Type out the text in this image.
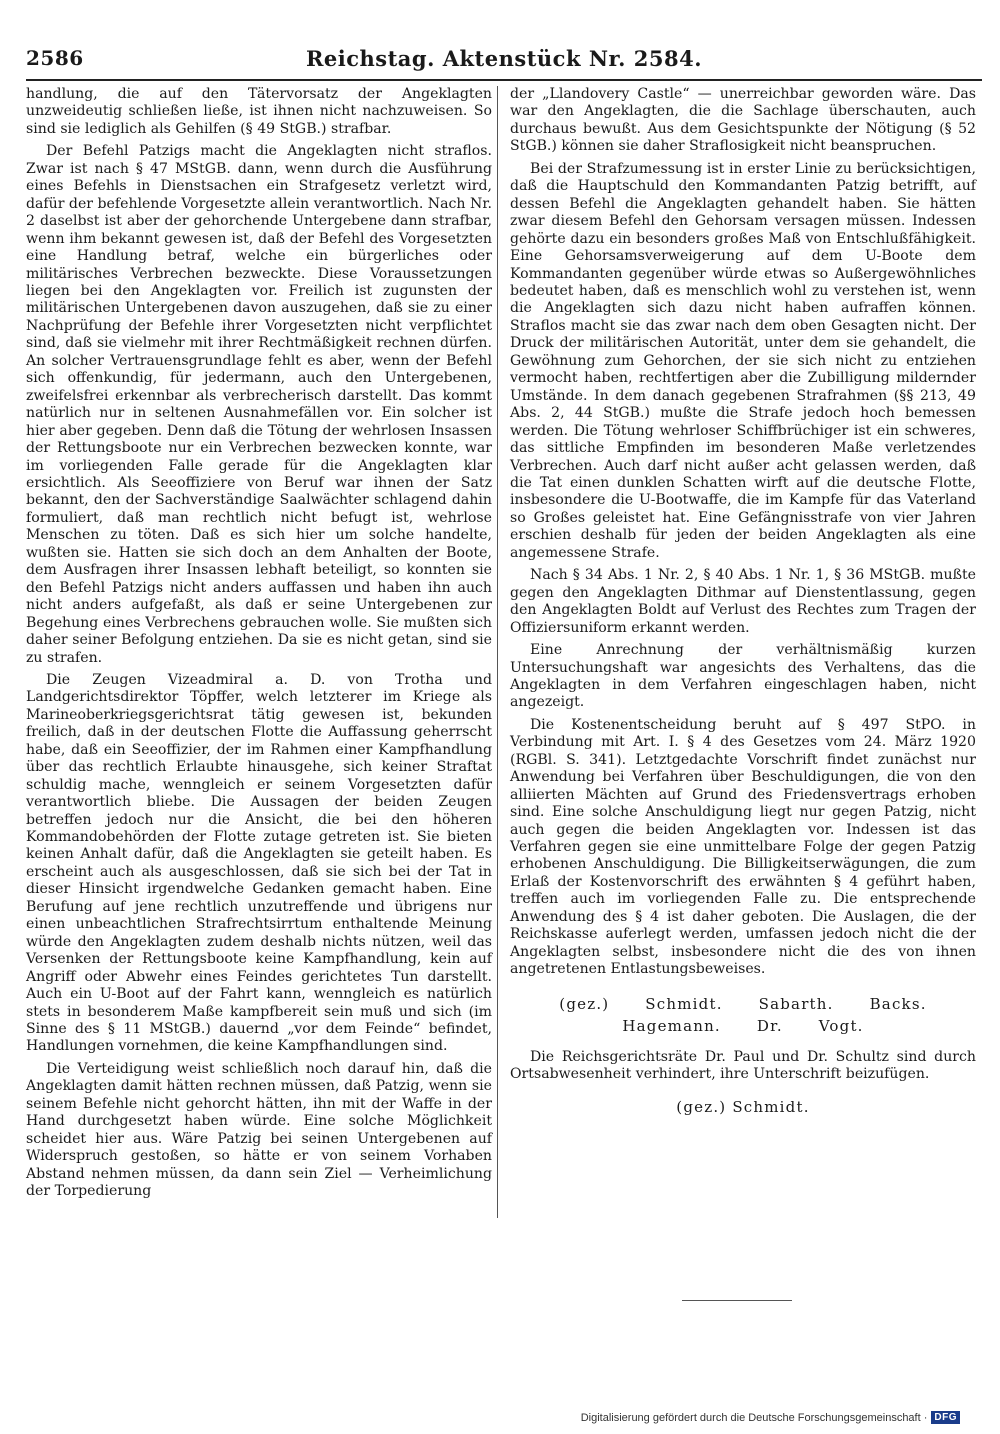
2586	Reichstag. Aktenstück Nr. 2584.

handlung, die auf den Tätervorsatz der Angeklagten unzweideutig schließen ließe, ist ihnen nicht nachzuweisen. So sind sie lediglich als Gehilfen (§ 49 StGB.) strafbar.

Der Befehl Patzigs macht die Angeklagten nicht straflos. Zwar ist nach § 47 MStGB. dann, wenn durch die Ausführung eines Befehls in Dienstsachen ein Strafgesetz verletzt wird, dafür der befehlende Vorgesetzte allein verantwortlich. Nach Nr. 2 daselbst ist aber der gehorchende Untergebene dann strafbar, wenn ihm bekannt gewesen ist, daß der Befehl des Vorgesetzten eine Handlung betraf, welche ein bürgerliches oder militärisches Verbrechen bezweckte. Diese Voraussetzungen liegen bei den Angeklagten vor. Freilich ist zugunsten der militärischen Untergebenen davon auszugehen, daß sie zu einer Nachprüfung der Befehle ihrer Vorgesetzten nicht verpflichtet sind, daß sie vielmehr mit ihrer Rechtmäßigkeit rechnen dürfen. An solcher Vertrauensgrundlage fehlt es aber, wenn der Befehl sich offenkundig, für jedermann, auch den Untergebenen, zweifelsfrei erkennbar als verbrecherisch darstellt. Das kommt natürlich nur in seltenen Ausnahmefällen vor. Ein solcher ist hier aber gegeben. Denn daß die Tötung der wehrlosen Insassen der Rettungsboote nur ein Verbrechen bezwecken konnte, war im vorliegenden Falle gerade für die Angeklagten klar ersichtlich. Als Seeoffiziere von Beruf war ihnen der Satz bekannt, den der Sachverständige Saalwächter schlagend dahin formuliert, daß man rechtlich nicht befugt ist, wehrlose Menschen zu töten. Daß es sich hier um solche handelte, wußten sie. Hatten sie sich doch an dem Anhalten der Boote, dem Ausfragen ihrer Insassen lebhaft beteiligt, so konnten sie den Befehl Patzigs nicht anders auffassen und haben ihn auch nicht anders aufgefaßt, als daß er seine Untergebenen zur Begehung eines Verbrechens gebrauchen wolle. Sie mußten sich daher seiner Befolgung entziehen. Da sie es nicht getan, sind sie zu strafen.

Die Zeugen Vizeadmiral a. D. von Trotha und Landgerichtsdirektor Töpffer, welch letzterer im Kriege als Marineoberkriegsgerichtsrat tätig gewesen ist, bekunden freilich, daß in der deutschen Flotte die Auffassung geherrscht habe, daß ein Seeoffizier, der im Rahmen einer Kampfhandlung über das rechtlich Erlaubte hinausgehe, sich keiner Straftat schuldig mache, wenngleich er seinem Vorgesetzten dafür verantwortlich bliebe. Die Aussagen der beiden Zeugen betreffen jedoch nur die Ansicht, die bei den höheren Kommandobehörden der Flotte zutage getreten ist. Sie bieten keinen Anhalt dafür, daß die Angeklagten sie geteilt haben. Es erscheint auch als ausgeschlossen, daß sie sich bei der Tat in dieser Hinsicht irgendwelche Gedanken gemacht haben. Eine Berufung auf jene rechtlich unzutreffende und übrigens nur einen unbeachtlichen Strafrechtsirrtum enthaltende Meinung würde den Angeklagten zudem deshalb nichts nützen, weil das Versenken der Rettungsboote keine Kampfhandlung, kein auf Angriff oder Abwehr eines Feindes gerichtetes Tun darstellt. Auch ein U-Boot auf der Fahrt kann, wenngleich es natürlich stets in besonderem Maße kampfbereit sein muß und sich (im Sinne des § 11 MStGB.) dauernd „vor dem Feinde“ befindet, Handlungen vornehmen, die keine Kampfhandlungen sind.

Die Verteidigung weist schließlich noch darauf hin, daß die Angeklagten damit hätten rechnen müssen, daß Patzig, wenn sie seinem Befehle nicht gehorcht hätten, ihn mit der Waffe in der Hand durchgesetzt haben würde. Eine solche Möglichkeit scheidet hier aus. Wäre Patzig bei seinen Untergebenen auf Widerspruch gestoßen, so hätte er von seinem Vorhaben Abstand nehmen müssen, da dann sein Ziel — Verheimlichung der Torpedierung

der „Llandovery Castle“ — unerreichbar geworden wäre. Das war den Angeklagten, die die Sachlage überschauten, auch durchaus bewußt. Aus dem Gesichtspunkte der Nötigung (§ 52 StGB.) können sie daher Straflosigkeit nicht beanspruchen.

Bei der Strafzumessung ist in erster Linie zu berücksichtigen, daß die Hauptschuld den Kommandanten Patzig betrifft, auf dessen Befehl die Angeklagten gehandelt haben. Sie hätten zwar diesem Befehl den Gehorsam versagen müssen. Indessen gehörte dazu ein besonders großes Maß von Entschlußfähigkeit. Eine Gehorsamsverweigerung auf dem U-Boote dem Kommandanten gegenüber würde etwas so Außergewöhnliches bedeutet haben, daß es menschlich wohl zu verstehen ist, wenn die Angeklagten sich dazu nicht haben aufraffen können. Straflos macht sie das zwar nach dem oben Gesagten nicht. Der Druck der militärischen Autorität, unter dem sie gehandelt, die Gewöhnung zum Gehorchen, der sie sich nicht zu entziehen vermocht haben, rechtfertigen aber die Zubilligung mildernder Umstände. In dem danach gegebenen Strafrahmen (§§ 213, 49 Abs. 2, 44 StGB.) mußte die Strafe jedoch hoch bemessen werden. Die Tötung wehrloser Schiffbrüchiger ist ein schweres, das sittliche Empfinden im besonderen Maße verletzendes Verbrechen. Auch darf nicht außer acht gelassen werden, daß die Tat einen dunklen Schatten wirft auf die deutsche Flotte, insbesondere die U-Bootwaffe, die im Kampfe für das Vaterland so Großes geleistet hat. Eine Gefängnisstrafe von vier Jahren erschien deshalb für jeden der beiden Angeklagten als eine angemessene Strafe.

Nach § 34 Abs. 1 Nr. 2, § 40 Abs. 1 Nr. 1, § 36 MStGB. mußte gegen den Angeklagten Dithmar auf Dienstentlassung, gegen den Angeklagten Boldt auf Verlust des Rechtes zum Tragen der Offiziersuniform erkannt werden.

Eine Anrechnung der verhältnismäßig kurzen Untersuchungshaft war angesichts des Verhaltens, das die Angeklagten in dem Verfahren eingeschlagen haben, nicht angezeigt.

Die Kostenentscheidung beruht auf § 497 StPO. in Verbindung mit Art. I. § 4 des Gesetzes vom 24. März 1920 (RGBl. S. 341). Letztgedachte Vorschrift findet zunächst nur Anwendung bei Verfahren über Beschuldigungen, die von den alliierten Mächten auf Grund des Friedensvertrags erhoben sind. Eine solche Anschuldigung liegt nur gegen Patzig, nicht auch gegen die beiden Angeklagten vor. Indessen ist das Verfahren gegen sie eine unmittelbare Folge der gegen Patzig erhobenen Anschuldigung. Die Billigkeitserwägungen, die zum Erlaß der Kostenvorschrift des erwähnten § 4 geführt haben, treffen auch im vorliegenden Falle zu. Die entsprechende Anwendung des § 4 ist daher geboten. Die Auslagen, die der Reichskasse auferlegt werden, umfassen jedoch nicht die der Angeklagten selbst, insbesondere nicht die des von ihnen angetretenen Entlastungsbeweises.

(gez.) Schmidt. Sabarth. Backs.

Hagemann. Dr. Vogt.

Die Reichsgerichtsräte Dr. Paul und Dr. Schultz sind durch Ortsabwesenheit verhindert, ihre Unterschrift beizufügen.

(gez.) Schmidt.

Digitalisierung gefördert durch die Deutsche Forschungsgemeinschaft · DFG
